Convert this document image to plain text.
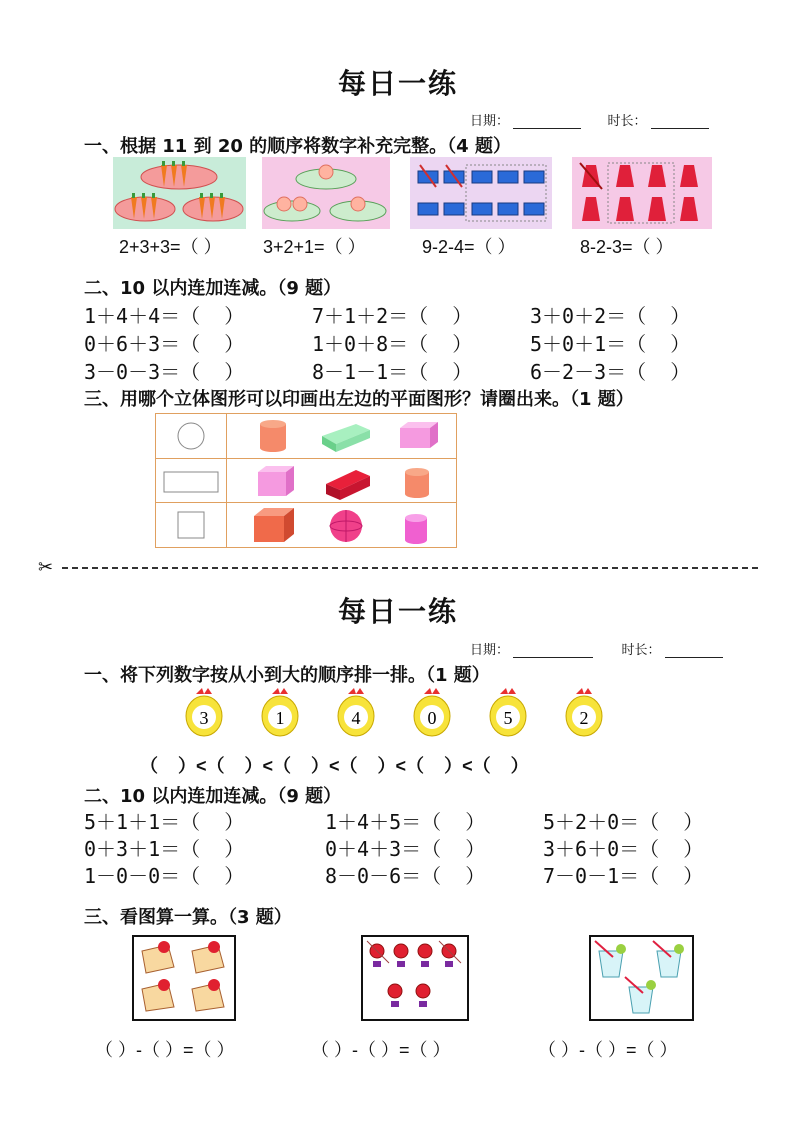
每日一练
日期：	时长：
一、根据 11 到 20 的顺序将数字补充完整。（4 题）
2+3+3=（ ） 3+2+1=（ ）	9-2-4=（ ）	8-2-3=（ ）
二、10 以内连加连减。（9 题）
1＋4＋4＝（  ）	7＋1＋2＝（  ）	3＋0＋2＝（  ）
0＋6＋3＝（  ）	1＋0＋8＝（  ）	5＋0＋1＝（  ）
3－0－3＝（  ）	8－1－1＝（  ）	6－2－3＝（  ）
三、用哪个立体图形可以印画出左边的平面图形？请圈出来。（1 题）
✂
每日一练
日期：	时长：
一、将下列数字按从小到大的顺序排一排。（1 题）
3	1	4	0	5	2
（    ）<（    ）<（    ）<（    ）<（    ）<（    ）
二、10 以内连加连减。（9 题）
5＋1＋1＝（  ）	1＋4＋5＝（  ）	5＋2＋0＝（  ）
0＋3＋1＝（  ）	0＋4＋3＝（  ）	3＋6＋0＝（  ）
1－0－0＝（  ）	8－0－6＝（  ）	7－0－1＝（  ）
三、看图算一算。（3 题）
（ ）-（ ）=（ ）	（ ）-（ ）=（ ）	（ ）-（ ）=（ ）
